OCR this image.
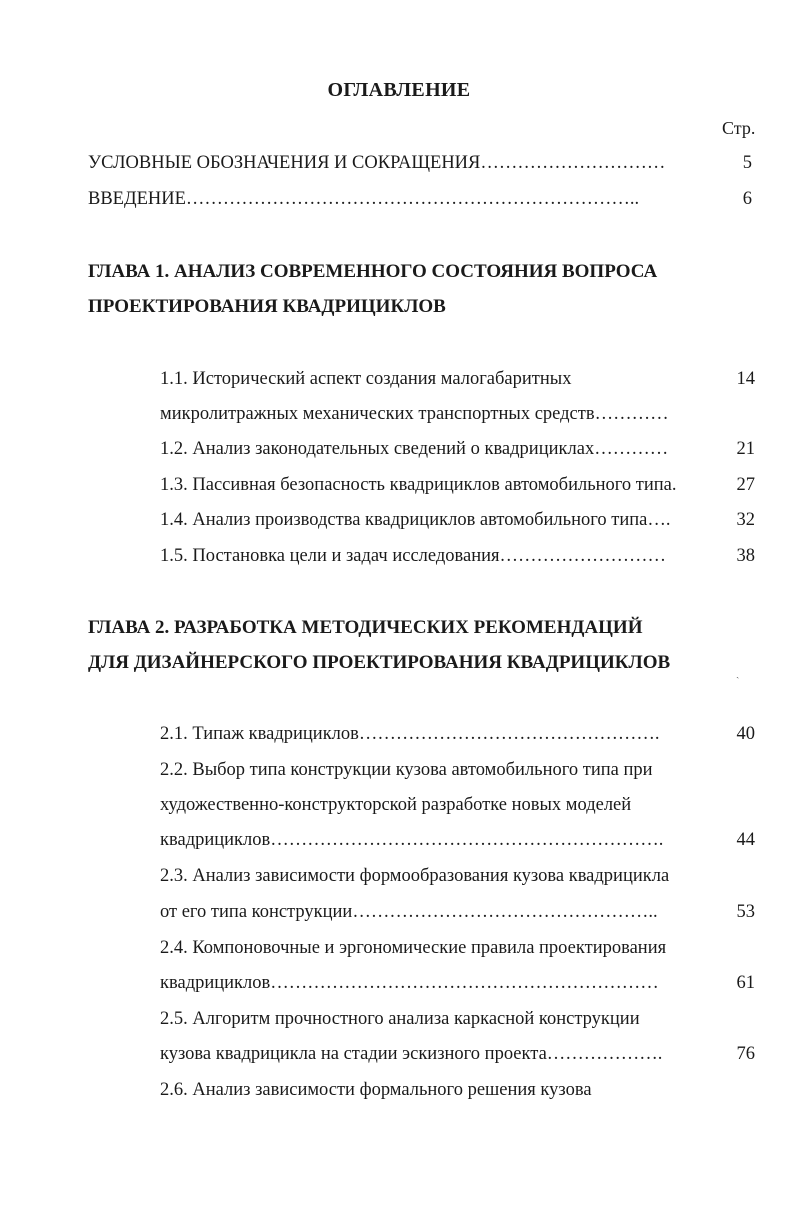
ОГЛАВЛЕНИЕ
Стр.
УСЛОВНЫЕ ОБОЗНАЧЕНИЯ И СОКРАЩЕНИЯ…………………………	5
ВВЕДЕНИЕ………………………………………………………………..	6
ГЛАВА 1. АНАЛИЗ СОВРЕМЕННОГО СОСТОЯНИЯ ВОПРОСА
ПРОЕКТИРОВАНИЯ КВАДРИЦИКЛОВ
1.1. Исторический аспект создания малогабаритных	14
микролитражных механических транспортных средств…………
1.2. Анализ законодательных сведений о квадрициклах…………	21
1.3. Пассивная безопасность квадрициклов автомобильного типа.	27
1.4. Анализ производства квадрициклов автомобильного типа….	32
1.5. Постановка цели и задач исследования………………………	38
ГЛАВА 2. РАЗРАБОТКА МЕТОДИЧЕСКИХ РЕКОМЕНДАЦИЙ
ДЛЯ ДИЗАЙНЕРСКОГО ПРОЕКТИРОВАНИЯ КВАДРИЦИКЛОВ
ˎ
2.1. Типаж квадрициклов………………………………………….	40
2.2. Выбор типа конструкции кузова автомобильного типа при
художественно-конструкторской разработке новых моделей
квадрициклов……………………………………………………….	44
2.3. Анализ зависимости формообразования кузова квадрицикла
от его типа конструкции…………………………………………..	53
2.4. Компоновочные и эргономические правила проектирования
квадрициклов………………………………………………………	61
2.5. Алгоритм прочностного анализа каркасной конструкции
кузова квадрицикла на стадии эскизного проекта……………….	76
2.6. Анализ зависимости формального решения кузова
